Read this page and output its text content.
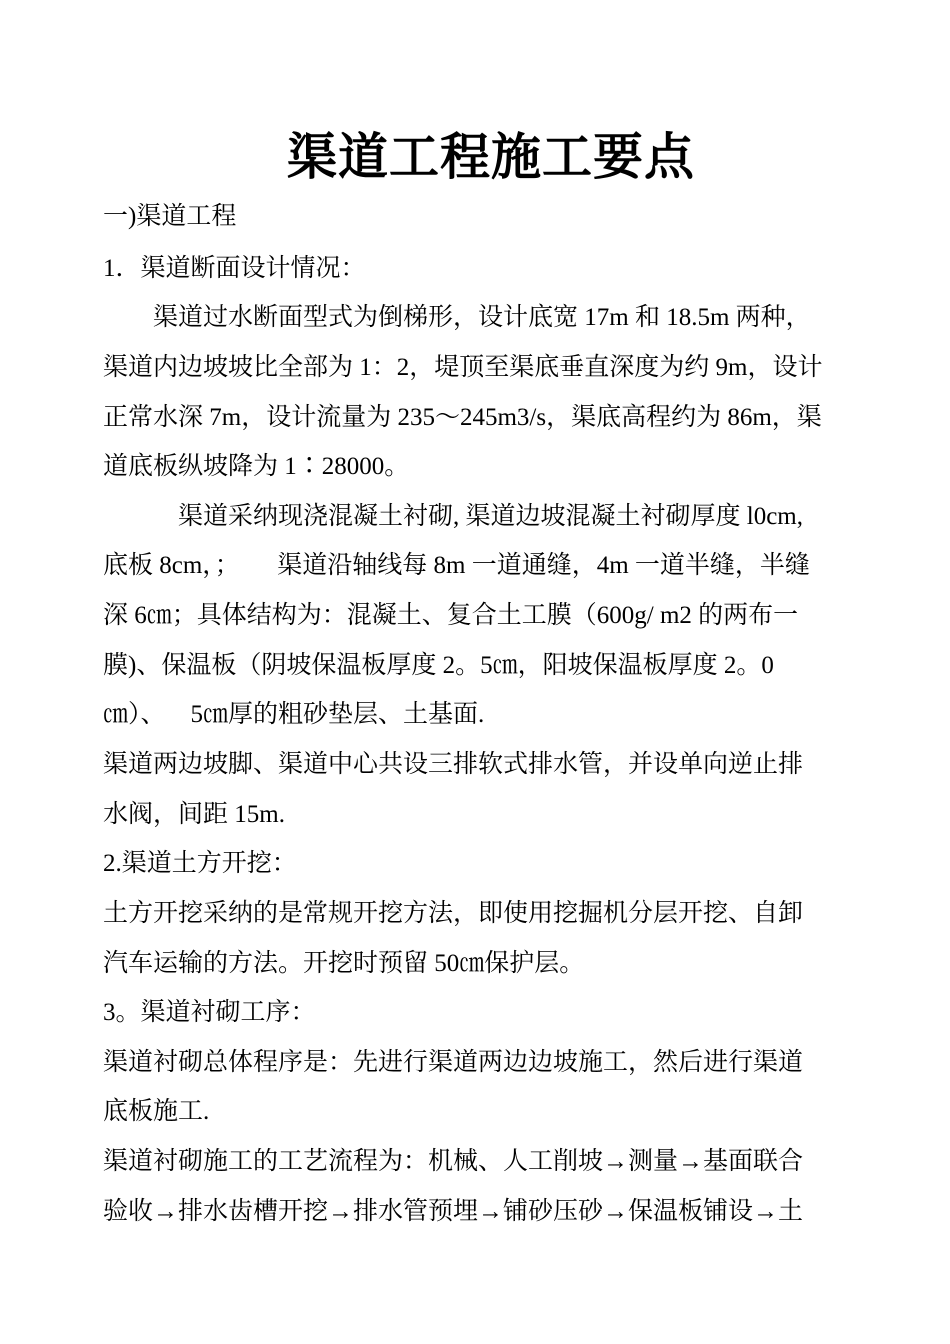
渠道工程施工要点
一)渠道工程
1．渠道断面设计情况：
渠道过水断面型式为倒梯形，设计底宽 17m 和 18.5m 两种，
渠道内边坡坡比全部为 1：2，堤顶至渠底垂直深度为约 9m，设计
正常水深 7m，设计流量为 235～245m3/s，渠底高程约为 86m，渠
道底板纵坡降为 1∶28000。
渠道采纳现浇混凝土衬砌, 渠道边坡混凝土衬砌厚度 l0cm,
底板 8cm，；      渠道沿轴线每 8m 一道通缝，4m 一道半缝，半缝
深 6㎝；具体结构为：混凝土、复合土工膜（600g/ m2 的两布一
膜)、保温板（阴坡保温板厚度 2。5㎝，阳坡保温板厚度 2。0
㎝）、    5㎝厚的粗砂垫层、土基面.
渠道两边坡脚、渠道中心共设三排软式排水管，并设单向逆止排
水阀，间距 15m.
2.渠道土方开挖：
土方开挖采纳的是常规开挖方法，即使用挖掘机分层开挖、自卸
汽车运输的方法。开挖时预留 50㎝保护层。
3。渠道衬砌工序：
渠道衬砌总体程序是：先进行渠道两边边坡施工，然后进行渠道
底板施工.
渠道衬砌施工的工艺流程为：机械、人工削坡→测量→基面联合
验收→排水齿槽开挖→排水管预埋→铺砂压砂→保温板铺设→土
